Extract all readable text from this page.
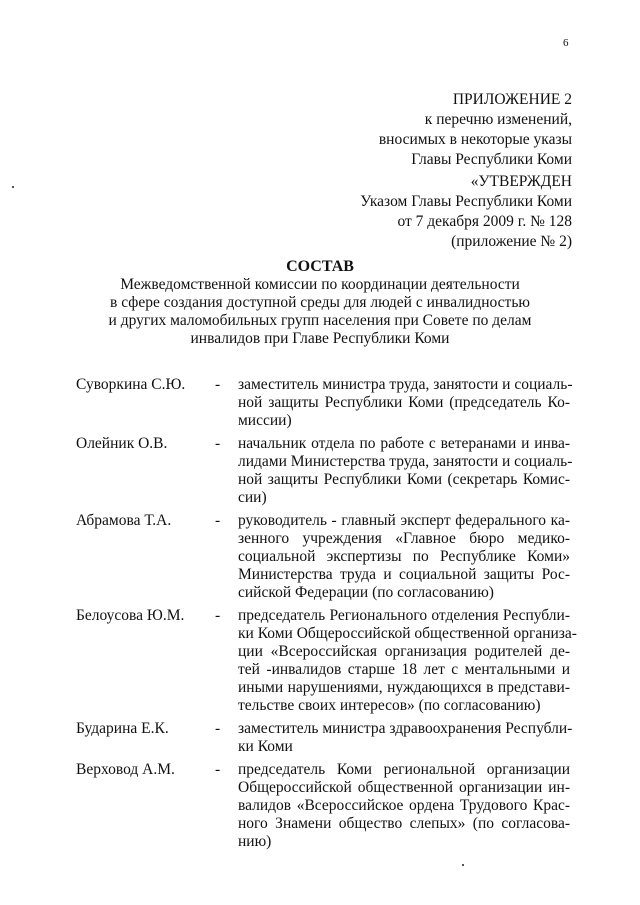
6
ПРИЛОЖЕНИЕ 2
к перечню изменений,
вносимых в некоторые указы
Главы Республики Коми
«УТВЕРЖДЕН
Указом Главы Республики Коми
от 7 декабря 2009 г. № 128
(приложение № 2)
СОСТАВ
Межведомственной комиссии по координации деятельности
в сфере создания доступной среды для людей с инвалидностью
и других маломобильных групп населения при Совете по делам
инвалидов при Главе Республики Коми
Суворкина С.Ю. - заместитель министра труда, занятости и социаль-
ной защиты Республики Коми (председатель Ко-
миссии)
Олейник О.В.	- начальник отдела по работе с ветеранами и инва-
лидами Министерства труда, занятости и социаль-
ной защиты Республики Коми (секретарь Комис-
сии)
Абрамова Т.А.	- руководитель - главный эксперт федерального ка-
зенного учреждения «Главное бюро медико-
социальной экспертизы по Республике Коми»
Министерства труда и социальной защиты Рос-
сийской Федерации (по согласованию)
Белоусова Ю.М. - председатель Регионального отделения Республи-
ки Коми Общероссийской общественной организа-
ции «Всероссийская организация родителей де-
тей -инвалидов старше 18 лет с ментальными и
иными нарушениями, нуждающихся в представи-
тельстве своих интересов» (по согласованию)
Бударина Е.К.	- заместитель министра здравоохранения Республи-
ки Коми
Верховод А.М.	- председатель Коми региональной организации
Общероссийской общественной организации ин-
валидов «Всероссийское ордена Трудового Крас-
ного Знамени общество слепых» (по согласова-
нию)
